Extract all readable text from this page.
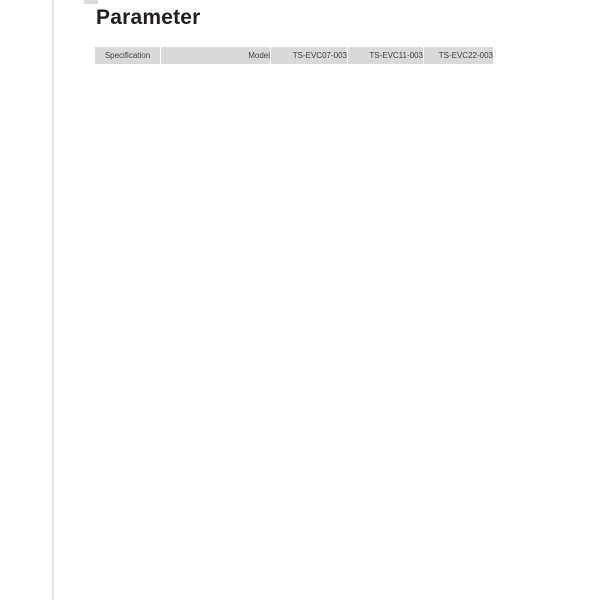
Parameter
Specification	Model	TS-EVC07-003	TS-EVC11-003	TS-EVC22-003
